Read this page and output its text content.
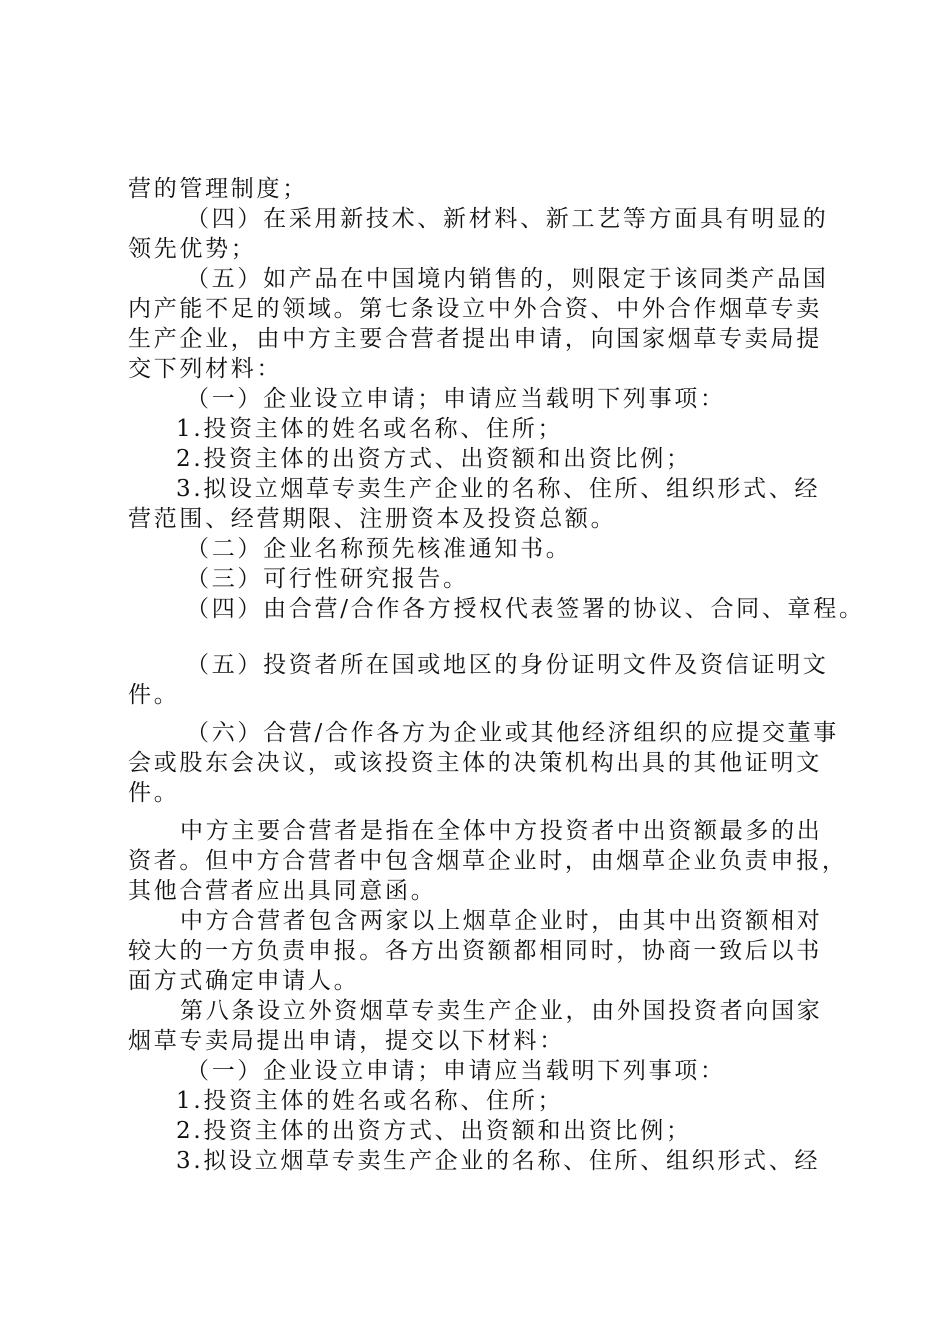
营的管理制度；
（四）在采用新技术、新材料、新工艺等方面具有明显的
领先优势；
（五）如产品在中国境内销售的，则限定于该同类产品国
内产能不足的领域。第七条设立中外合资、中外合作烟草专卖
生产企业，由中方主要合营者提出申请，向国家烟草专卖局提
交下列材料：
（一）企业设立申请；申请应当载明下列事项：
1.投资主体的姓名或名称、住所；
2.投资主体的出资方式、出资额和出资比例；
3.拟设立烟草专卖生产企业的名称、住所、组织形式、经
营范围、经营期限、注册资本及投资总额。
（二）企业名称预先核准通知书。
（三）可行性研究报告。
（四）由合营/合作各方授权代表签署的协议、合同、章程。
（五）投资者所在国或地区的身份证明文件及资信证明文
件。
（六）合营/合作各方为企业或其他经济组织的应提交董事
会或股东会决议，或该投资主体的决策机构出具的其他证明文
件。
中方主要合营者是指在全体中方投资者中出资额最多的出
资者。但中方合营者中包含烟草企业时，由烟草企业负责申报，
其他合营者应出具同意函。
中方合营者包含两家以上烟草企业时，由其中出资额相对
较大的一方负责申报。各方出资额都相同时，协商一致后以书
面方式确定申请人。
第八条设立外资烟草专卖生产企业，由外国投资者向国家
烟草专卖局提出申请，提交以下材料：
（一）企业设立申请；申请应当载明下列事项：
1.投资主体的姓名或名称、住所；
2.投资主体的出资方式、出资额和出资比例；
3.拟设立烟草专卖生产企业的名称、住所、组织形式、经
